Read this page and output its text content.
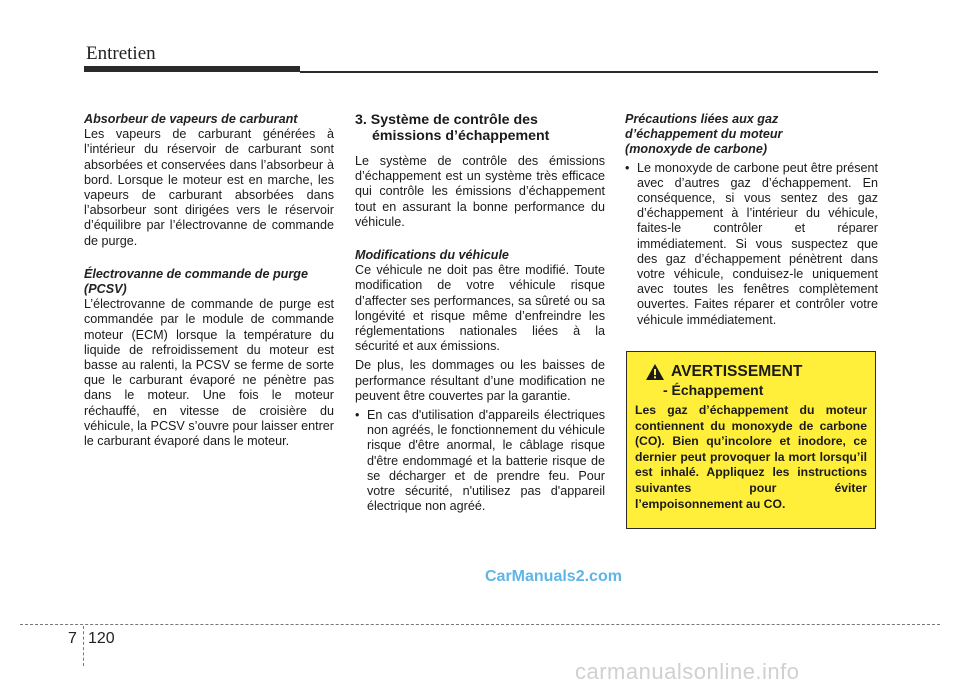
Entretien
Absorbeur de vapeurs de carburant

Les vapeurs de carburant générées à l’intérieur du réservoir de carburant sont absorbées et conservées dans l’absorbeur à bord. Lorsque le moteur est en marche, les vapeurs de carburant absorbées dans l’absorbeur sont dirigées vers le réservoir d’équilibre par l’électrovanne de commande de purge.

Électrovanne de commande de purge (PCSV)

L’électrovanne de commande de purge est commandée par le module de commande moteur (ECM) lorsque la température du liquide de refroidissement du moteur est basse au ralenti, la PCSV se ferme de sorte que le carburant évaporé ne pénètre pas dans le moteur. Une fois le moteur réchauffé, en vitesse de croisière du véhicule, la PCSV s’ouvre pour laisser entrer le carburant évaporé dans le moteur.

3. Système de contrôle des
émissions d’échappement

Le système de contrôle des émissions d’échappement est un système très efficace qui contrôle les émissions d’échappement tout en assurant la bonne performance du véhicule.

Modifications du véhicule

Ce véhicule ne doit pas être modifié. Toute modification de votre véhicule risque d’affecter ses performances, sa sûreté ou sa longévité et risque même d’enfreindre les réglementations nationales liées à la sécurité et aux émissions.

De plus, les dommages ou les baisses de performance résultant d’une modification ne peuvent être couvertes par la garantie.

• En cas d'utilisation d'appareils électriques non agréés, le fonctionnement du véhicule risque d'être anormal, le câblage risque d'être endommagé et la batterie risque de se décharger et de prendre feu. Pour votre sécurité, n'utilisez pas d'appareil électrique non agréé.
Précautions liées aux gaz
d’échappement du moteur
(monoxyde de carbone)
• Le monoxyde de carbone peut être présent avec d’autres gaz d’échappement. En conséquence, si vous sentez des gaz d’échappement à l’intérieur du véhicule, faites-le contrôler et réparer immédiatement. Si vous suspectez que des gaz d’échappement pénètrent dans votre véhicule, conduisez-le uniquement avec toutes les fenêtres complètement ouvertes. Faites réparer et contrôler votre véhicule immédiatement.
AVERTISSEMENT
- Échappement

Les gaz d’échappement du moteur contiennent du monoxyde de carbone (CO). Bien qu’incolore et inodore, ce dernier peut provoquer la mort lorsqu’il est inhalé. Appliquez les instructions suivantes pour éviter l’empoisonnement au CO.

CarManuals2.com
7 120
carmanualsonline.info
